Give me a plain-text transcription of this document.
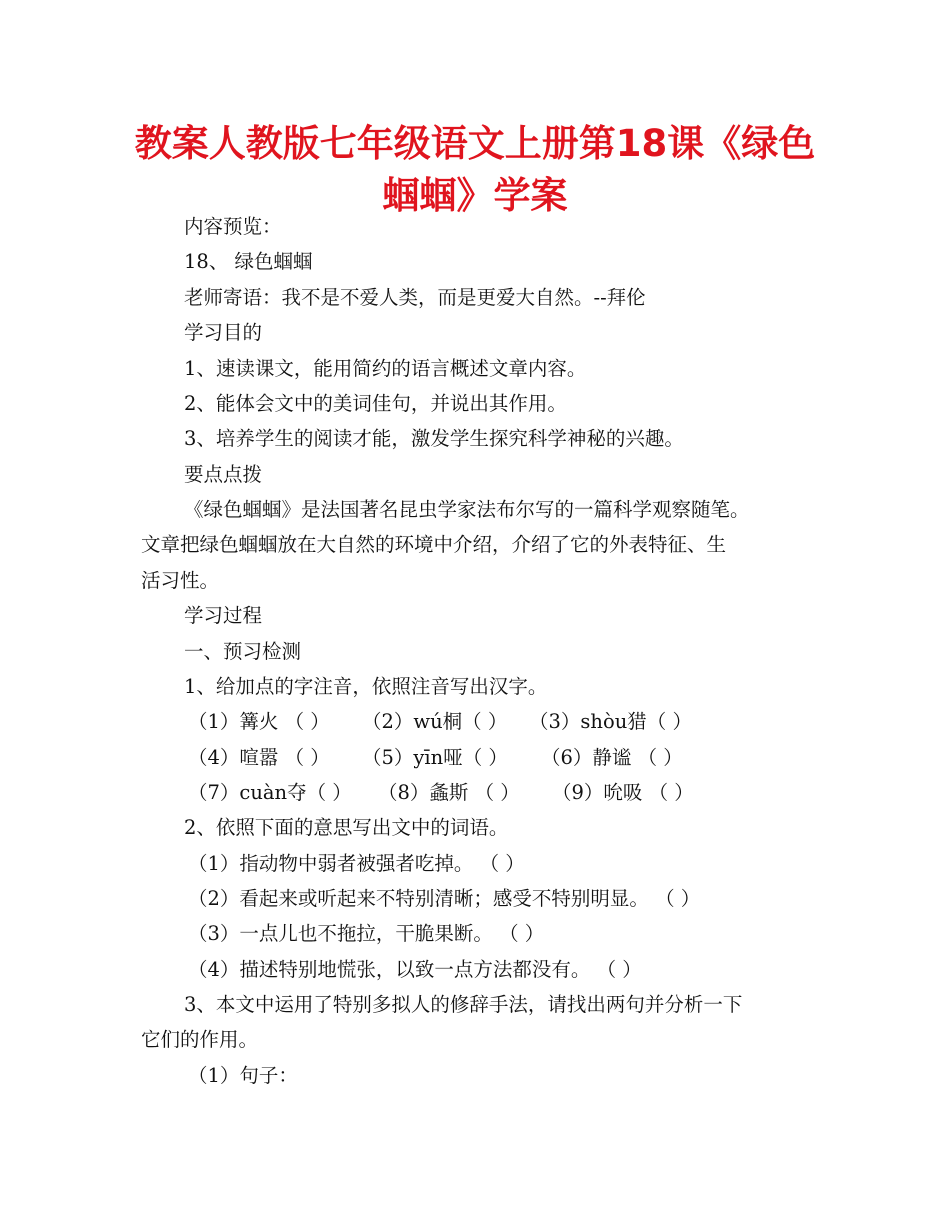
教案人教版七年级语文上册第18课《绿色
蝈蝈》学案

内容预览：

18、 绿色蝈蝈

老师寄语：我不是不爱人类，而是更爱大自然。--拜伦

学习目的

1、速读课文，能用简约的语言概述文章内容。

2、能体会文中的美词佳句，并说出其作用。

3、培养学生的阅读才能，激发学生探究科学神秘的兴趣。

要点点拨

《绿色蝈蝈》是法国著名昆虫学家法布尔写的一篇科学观察随笔。

文章把绿色蝈蝈放在大自然的环境中介绍，介绍了它的外表特征、生

活习性。

学习过程

一、预习检测

1、给加点的字注音，依照注音写出汉字。

（1）篝火 （ ） （2）wú桐（ ） （3）shòu猎（ ）
（4）喧嚣 （ ） （5）yīn哑（ ） （6）静谧 （ ）
（7）cuàn夺（ ） （8）螽斯 （ ） （9）吮吸 （ ）

2、依照下面的意思写出文中的词语。

（1）指动物中弱者被强者吃掉。 （ ）

（2）看起来或听起来不特别清晰；感受不特别明显。 （ ）

（3）一点儿也不拖拉，干脆果断。 （ ）

（4）描述特别地慌张，以致一点方法都没有。 （ ）

3、本文中运用了特别多拟人的修辞手法，请找出两句并分析一下

它们的作用。

（1）句子：
